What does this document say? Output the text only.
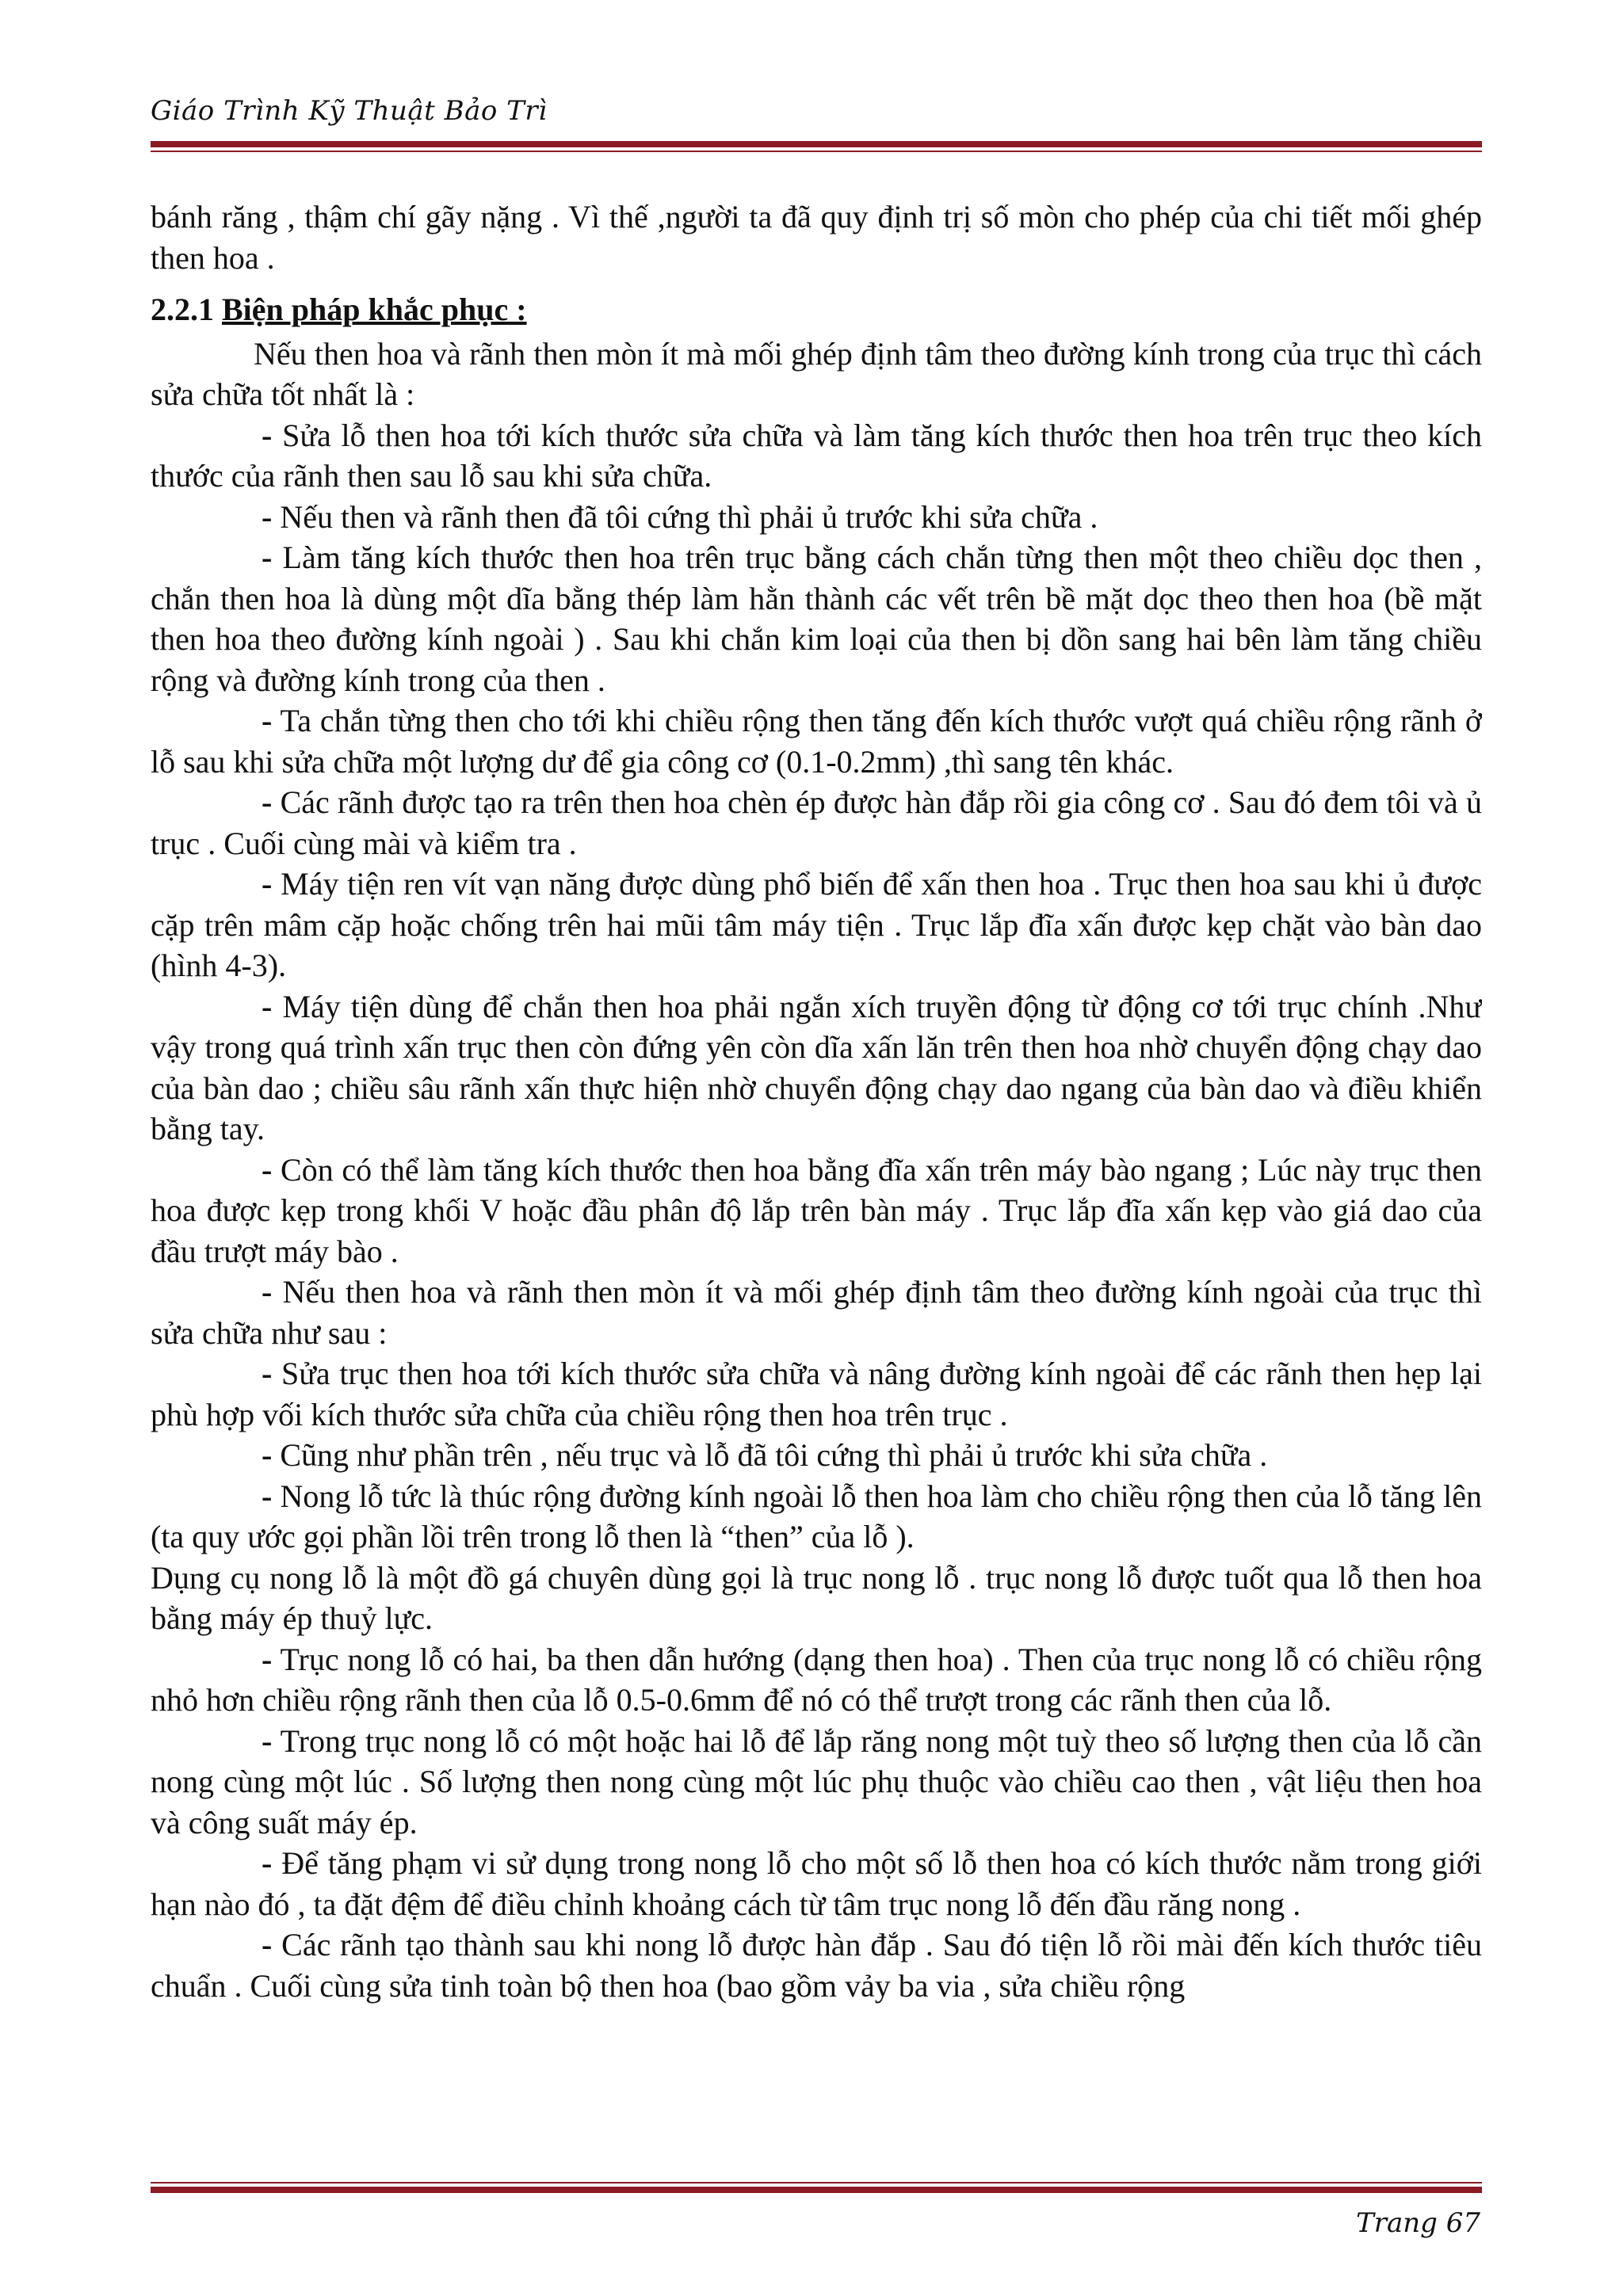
Giáo Trình Kỹ Thuật Bảo Trì

bánh răng , thậm chí gãy nặng . Vì thế ,người ta đã quy định trị số mòn cho phép của chi tiết mối ghép then hoa .

2.2.1 Biện pháp khắc phục :

Nếu then hoa và rãnh then mòn ít mà mối ghép định tâm theo đường kính trong của trục thì cách sửa chữa tốt nhất là :

- Sửa lỗ then hoa tới kích thước sửa chữa và làm tăng kích thước then hoa trên trục theo kích thước của rãnh then sau lỗ sau khi sửa chữa.

- Nếu then và rãnh then đã tôi cứng thì phải ủ trước khi sửa chữa .

- Làm tăng kích thước then hoa trên trục bằng cách chắn từng then một theo chiều dọc then , chắn then hoa là dùng một dĩa bằng thép làm hằn thành các vết trên bề mặt dọc theo then hoa (bề mặt then hoa theo đường kính ngoài ) . Sau khi chắn kim loại của then bị dồn sang hai bên làm tăng chiều rộng và đường kính trong của then .

- Ta chắn từng then cho tới khi chiều rộng then tăng đến kích thước vượt quá chiều rộng rãnh ở lỗ sau khi sửa chữa một lượng dư để gia công cơ (0.1-0.2mm) ,thì sang tên khác.

- Các rãnh được tạo ra trên then hoa chèn ép được hàn đắp rồi gia công cơ . Sau đó đem tôi và ủ trục . Cuối cùng mài và kiểm tra .

- Máy tiện ren vít vạn năng được dùng phổ biến để xấn then hoa . Trục then hoa sau khi ủ được cặp trên mâm cặp hoặc chống trên hai mũi tâm máy tiện . Trục lắp đĩa xấn được kẹp chặt vào bàn dao (hình 4-3).

- Máy tiện dùng để chắn then hoa phải ngắn xích truyền động từ động cơ tới trục chính .Như vậy trong quá trình xấn trục then còn đứng yên còn dĩa xấn lăn trên then hoa nhờ chuyển động chạy dao của bàn dao ; chiều sâu rãnh xấn thực hiện nhờ chuyển động chạy dao ngang của bàn dao và điều khiển bằng tay.

- Còn có thể làm tăng kích thước then hoa bằng đĩa xấn trên máy bào ngang ; Lúc này trục then hoa được kẹp trong khối V hoặc đầu phân độ lắp trên bàn máy . Trục lắp đĩa xấn kẹp vào giá dao của đầu trượt máy bào .

- Nếu then hoa và rãnh then mòn ít và mối ghép định tâm theo đường kính ngoài của trục thì sửa chữa như sau :

- Sửa trục then hoa tới kích thước sửa chữa và nâng đường kính ngoài để các rãnh then hẹp lại phù hợp vối kích thước sửa chữa của chiều rộng then hoa trên trục .

- Cũng như phần trên , nếu trục và lỗ đã tôi cứng thì phải ủ trước khi sửa chữa .

- Nong lỗ tức là thúc rộng đường kính ngoài lỗ then hoa làm cho chiều rộng then của lỗ tăng lên (ta quy ước gọi phần lồi trên trong lỗ then là “then” của lỗ ).

Dụng cụ nong lỗ là một đồ gá chuyên dùng gọi là trục nong lỗ . trục nong lỗ được tuốt qua lỗ then hoa bằng máy ép thuỷ lực.

- Trục nong lỗ có hai, ba then dẫn hướng (dạng then hoa) . Then của trục nong lỗ có chiều rộng nhỏ hơn chiều rộng rãnh then của lỗ 0.5-0.6mm để nó có thể trượt trong các rãnh then của lỗ.

- Trong trục nong lỗ có một hoặc hai lỗ để lắp răng nong một tuỳ theo số lượng then của lỗ cần nong cùng một lúc . Số lượng then nong cùng một lúc phụ thuộc vào chiều cao then , vật liệu then hoa và công suất máy ép.

- Để tăng phạm vi sử dụng trong nong lỗ cho một số lỗ then hoa có kích thước nằm trong giới hạn nào đó , ta đặt đệm để điều chỉnh khoảng cách từ tâm trục nong lỗ đến đầu răng nong .

- Các rãnh tạo thành sau khi nong lỗ được hàn đắp . Sau đó tiện lỗ rồi mài đến kích thước tiêu chuẩn . Cuối cùng sửa tinh toàn bộ then hoa (bao gồm vảy ba via , sửa chiều rộng

Trang 67
